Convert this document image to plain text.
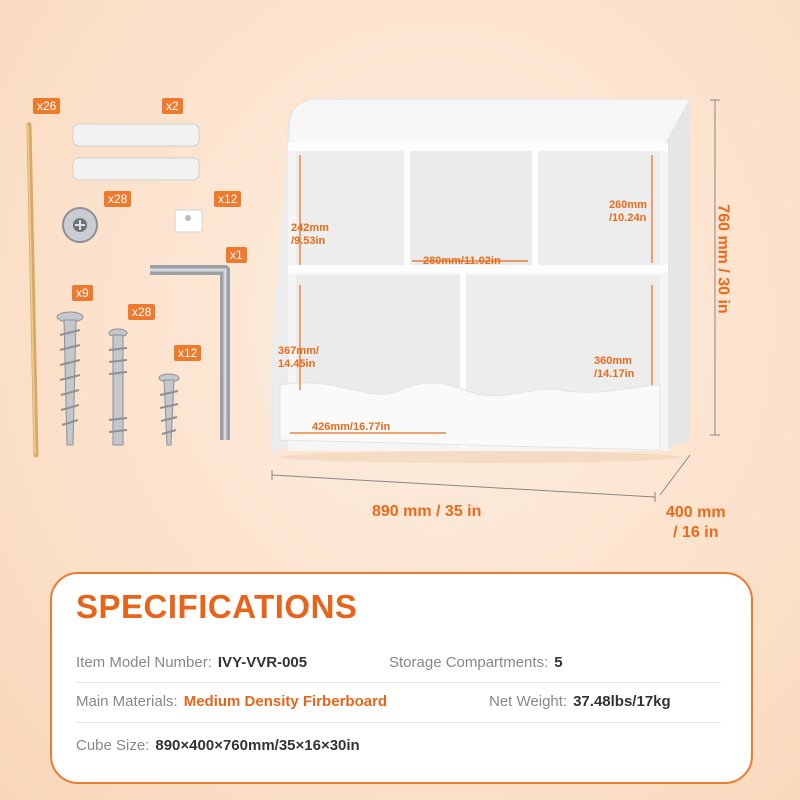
x26	x2
x28	x12
x1
x9
x28
x12
242mm
/9.53in
260mm
/10.24n
280mm/11.02in
367mm/
14.45in	360mm
/14.17in
426mm/16.77in
890 mm / 35 in	400 mm
/ 16 in
760 mm / 30 in
SPECIFICATIONS
Item Model Number: IVY-VVR-005	Storage Compartments: 5
Main Materials: Medium Density Firberboard	Net Weight: 37.48lbs/17kg
Cube Size: 890×400×760mm/35×16×30in
